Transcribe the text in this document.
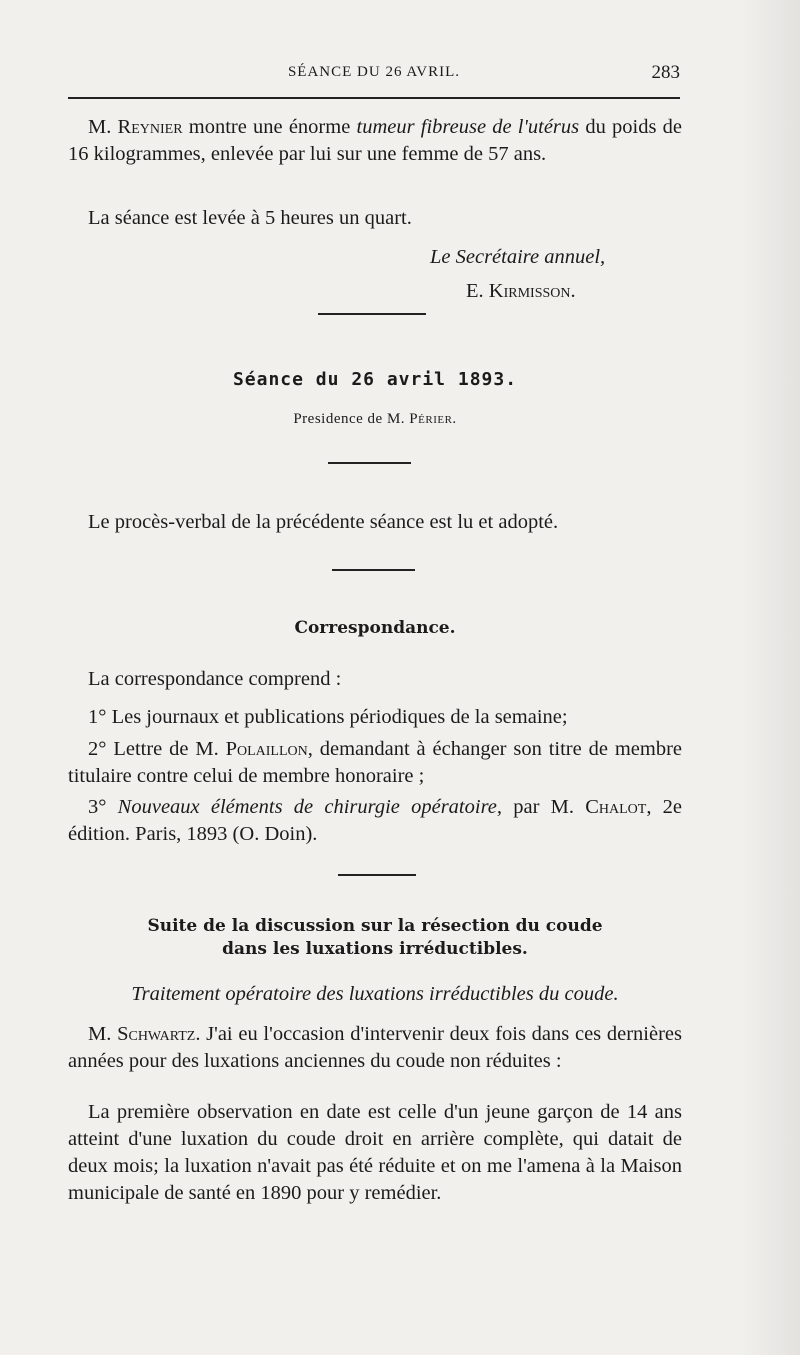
SÉANCE DU 26 AVRIL.	283

M. Reynier montre une énorme tumeur fibreuse de l'utérus du poids de 16 kilogrammes, enlevée par lui sur une femme de 57 ans.

La séance est levée à 5 heures un quart.

Le Secrétaire annuel,
E. Kirmisson.
Séance du 26 avril 1893.
Presidence de M. Périer.

Le procès-verbal de la précédente séance est lu et adopté.

Correspondance.

La correspondance comprend :

1° Les journaux et publications périodiques de la semaine;

2° Lettre de M. Polaillon, demandant à échanger son titre de membre titulaire contre celui de membre honoraire ;

3° Nouveaux éléments de chirurgie opératoire, par M. Chalot, 2e édition. Paris, 1893 (O. Doin).

Suite de la discussion sur la résection du coude
dans les luxations irréductibles.
Traitement opératoire des luxations irréductibles du coude.

M. Schwartz. J'ai eu l'occasion d'intervenir deux fois dans ces dernières années pour des luxations anciennes du coude non réduites :

La première observation en date est celle d'un jeune garçon de 14 ans atteint d'une luxation du coude droit en arrière complète, qui datait de deux mois; la luxation n'avait pas été réduite et on me l'amena à la Maison municipale de santé en 1890 pour y remédier.
